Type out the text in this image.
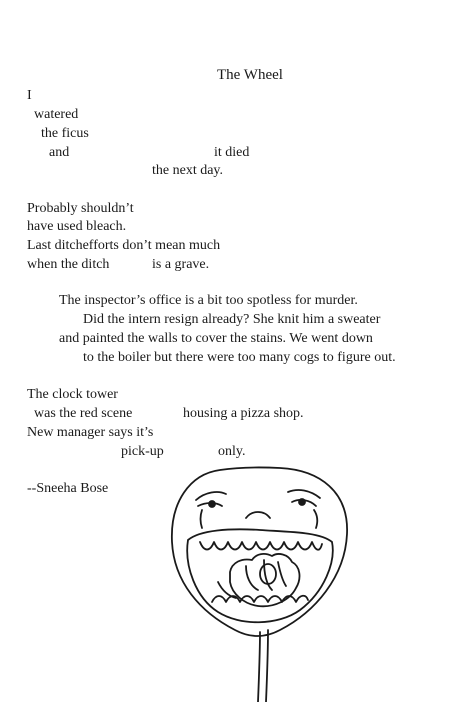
The Wheel
I
watered
the ficus
and	it died
the next day.
Probably shouldn’t
have used bleach.
Last ditchefforts don’t mean much
when the ditch	is a grave.
The inspector’s office is a bit too spotless for murder.
Did the intern resign already? She knit him a sweater
and painted the walls to cover the stains. We went down
to the boiler but there were too many cogs to figure out.
The clock tower
was the red scene	housing a pizza shop.
New manager says it’s
pick-up	only.
--Sneeha Bose
